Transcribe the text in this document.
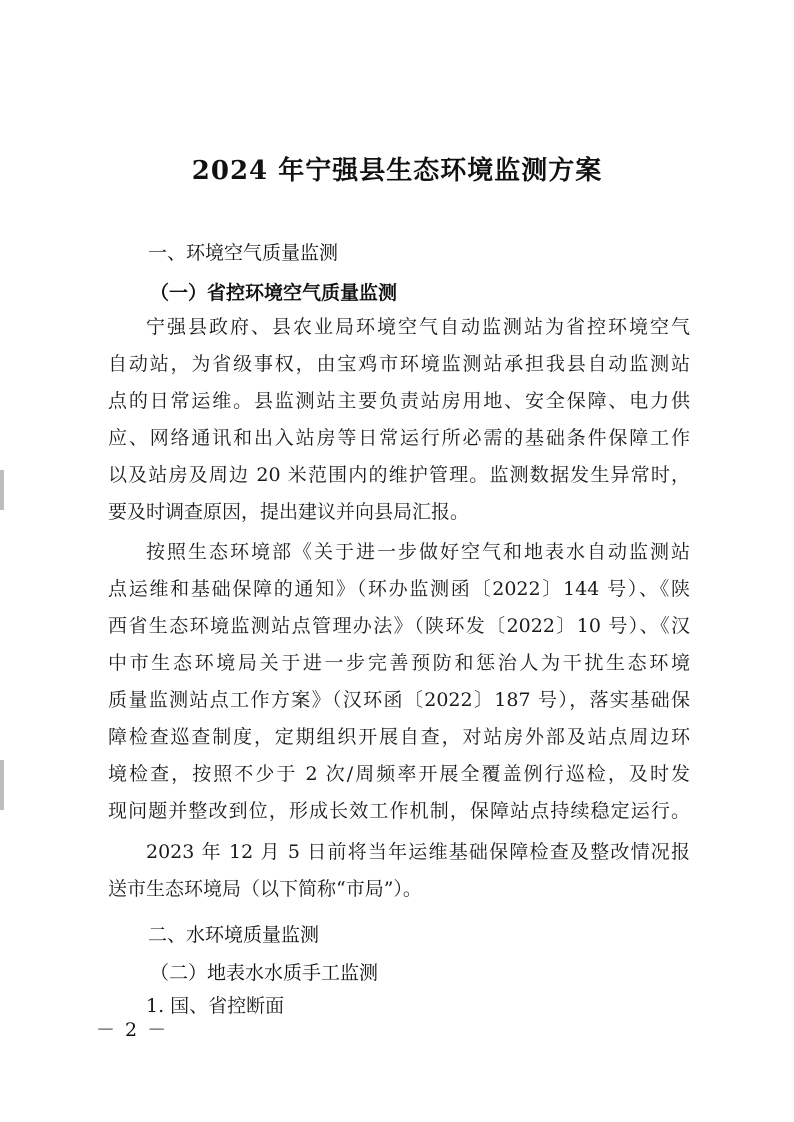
2024 年宁强县生态环境监测方案
一、环境空气质量监测
（一）省控环境空气质量监测
宁强县政府、县农业局环境空气自动监测站为省控环境空气
自动站，为省级事权，由宝鸡市环境监测站承担我县自动监测站
点的日常运维。县监测站主要负责站房用地、安全保障、电力供
应、网络通讯和出入站房等日常运行所必需的基础条件保障工作
以及站房及周边 20 米范围内的维护管理。监测数据发生异常时，
要及时调查原因，提出建议并向县局汇报。
按照生态环境部《关于进一步做好空气和地表水自动监测站
点运维和基础保障的通知》（环办监测函〔2022〕144 号）、《陕
西省生态环境监测站点管理办法》（陕环发〔2022〕10 号）、《汉
中市生态环境局关于进一步完善预防和惩治人为干扰生态环境
质量监测站点工作方案》（汉环函〔2022〕187 号），落实基础保
障检查巡查制度，定期组织开展自查，对站房外部及站点周边环
境检查，按照不少于 2 次/周频率开展全覆盖例行巡检，及时发
现问题并整改到位，形成长效工作机制，保障站点持续稳定运行。
2023 年 12 月 5 日前将当年运维基础保障检查及整改情况报
送市生态环境局（以下简称“市局”）。
二、水环境质量监测
（二）地表水水质手工监测
1. 国、省控断面
－ 2 －
